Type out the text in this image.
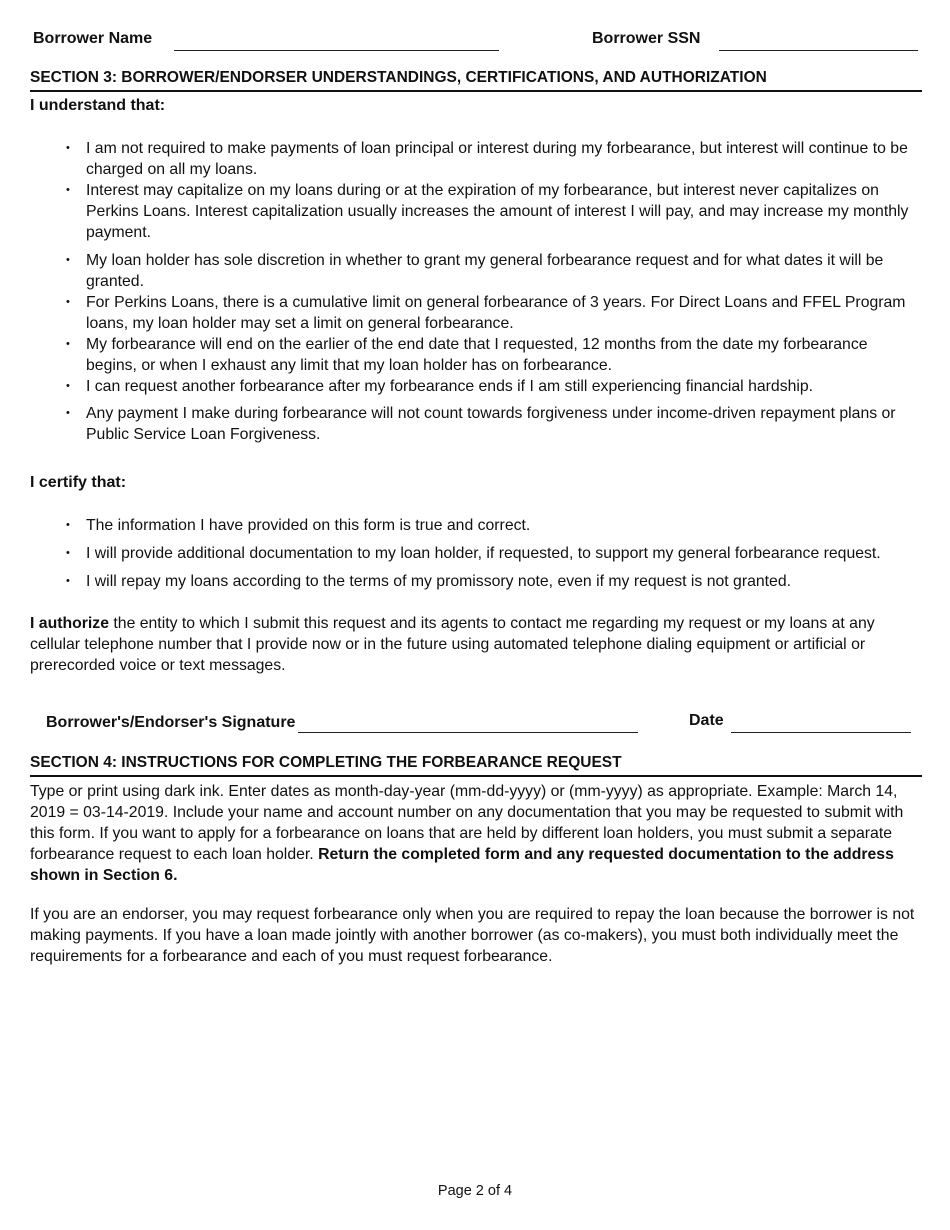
Borrower Name	Borrower SSN
SECTION 3: BORROWER/ENDORSER UNDERSTANDINGS, CERTIFICATIONS, AND AUTHORIZATION
I understand that:
• I am not required to make payments of loan principal or interest during my forbearance, but interest will continue to be charged on all my loans.
• Interest may capitalize on my loans during or at the expiration of my forbearance, but interest never capitalizes on Perkins Loans. Interest capitalization usually increases the amount of interest I will pay, and may increase my monthly payment.
• My loan holder has sole discretion in whether to grant my general forbearance request and for what dates it will be granted.
• For Perkins Loans, there is a cumulative limit on general forbearance of 3 years. For Direct Loans and FFEL Program loans, my loan holder may set a limit on general forbearance.
• My forbearance will end on the earlier of the end date that I requested, 12 months from the date my forbearance begins, or when I exhaust any limit that my loan holder has on forbearance.
• I can request another forbearance after my forbearance ends if I am still experiencing financial hardship.
• Any payment I make during forbearance will not count towards forgiveness under income-driven repayment plans or Public Service Loan Forgiveness.
I certify that:
• The information I have provided on this form is true and correct.
• I will provide additional documentation to my loan holder, if requested, to support my general forbearance request.
• I will repay my loans according to the terms of my promissory note, even if my request is not granted.
I authorize the entity to which I submit this request and its agents to contact me regarding my request or my loans at any cellular telephone number that I provide now or in the future using automated telephone dialing equipment or artificial or prerecorded voice or text messages.
Borrower's/Endorser's Signature	Date
SECTION 4: INSTRUCTIONS FOR COMPLETING THE FORBEARANCE REQUEST
Type or print using dark ink. Enter dates as month-day-year (mm-dd-yyyy) or (mm-yyyy) as appropriate. Example: March 14, 2019 = 03-14-2019. Include your name and account number on any documentation that you may be requested to submit with this form. If you want to apply for a forbearance on loans that are held by different loan holders, you must submit a separate forbearance request to each loan holder. Return the completed form and any requested documentation to the address shown in Section 6.
If you are an endorser, you may request forbearance only when you are required to repay the loan because the borrower is not making payments. If you have a loan made jointly with another borrower (as co-makers), you must both individually meet the requirements for a forbearance and each of you must request forbearance.
Page 2 of 4
